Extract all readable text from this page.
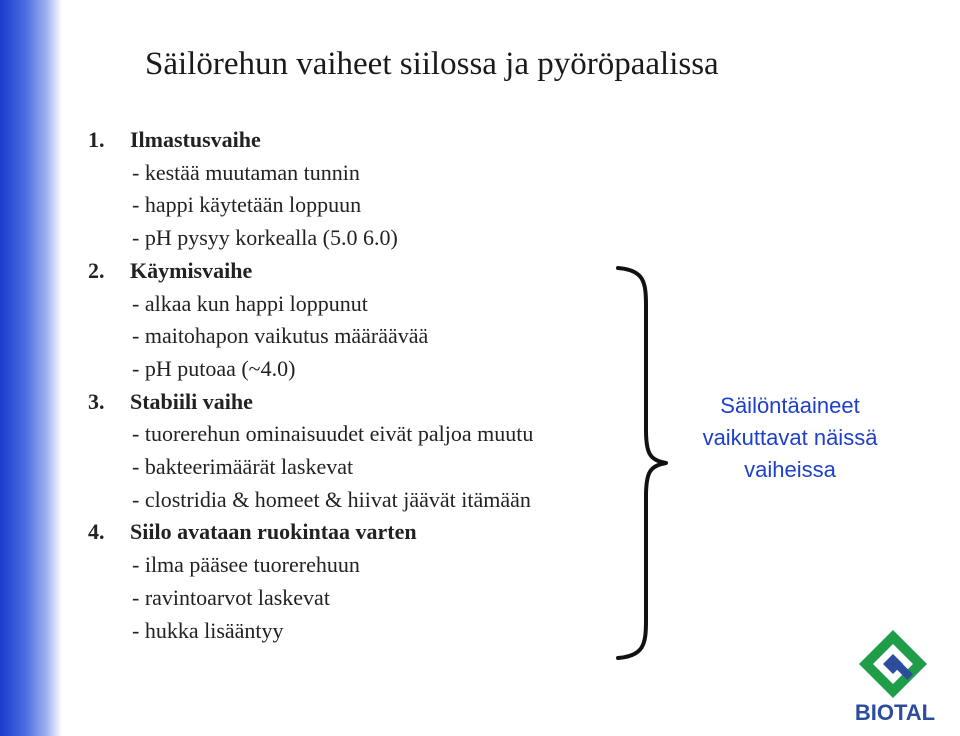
Säilörehun vaiheet siilossa ja pyöröpaalissa
1.	Ilmastusvaihe
- kestää muutaman tunnin
- happi käytetään loppuun
- pH pysyy korkealla (5.0 6.0)
2.	Käymisvaihe
- alkaa kun happi loppunut
- maitohapon vaikutus määräävää
- pH putoaa (~4.0)
3.	Stabiili vaihe
- tuorerehun ominaisuudet eivät paljoa muutu
- bakteerimäärät laskevat
- clostridia & homeet & hiivat jäävät itämään
4.	Siilo avataan ruokintaa varten
- ilma pääsee tuorerehuun
- ravintoarvot laskevat
- hukka lisääntyy
Säilöntäaineet
vaikuttavat näissä
vaiheissa
BIOTAL
